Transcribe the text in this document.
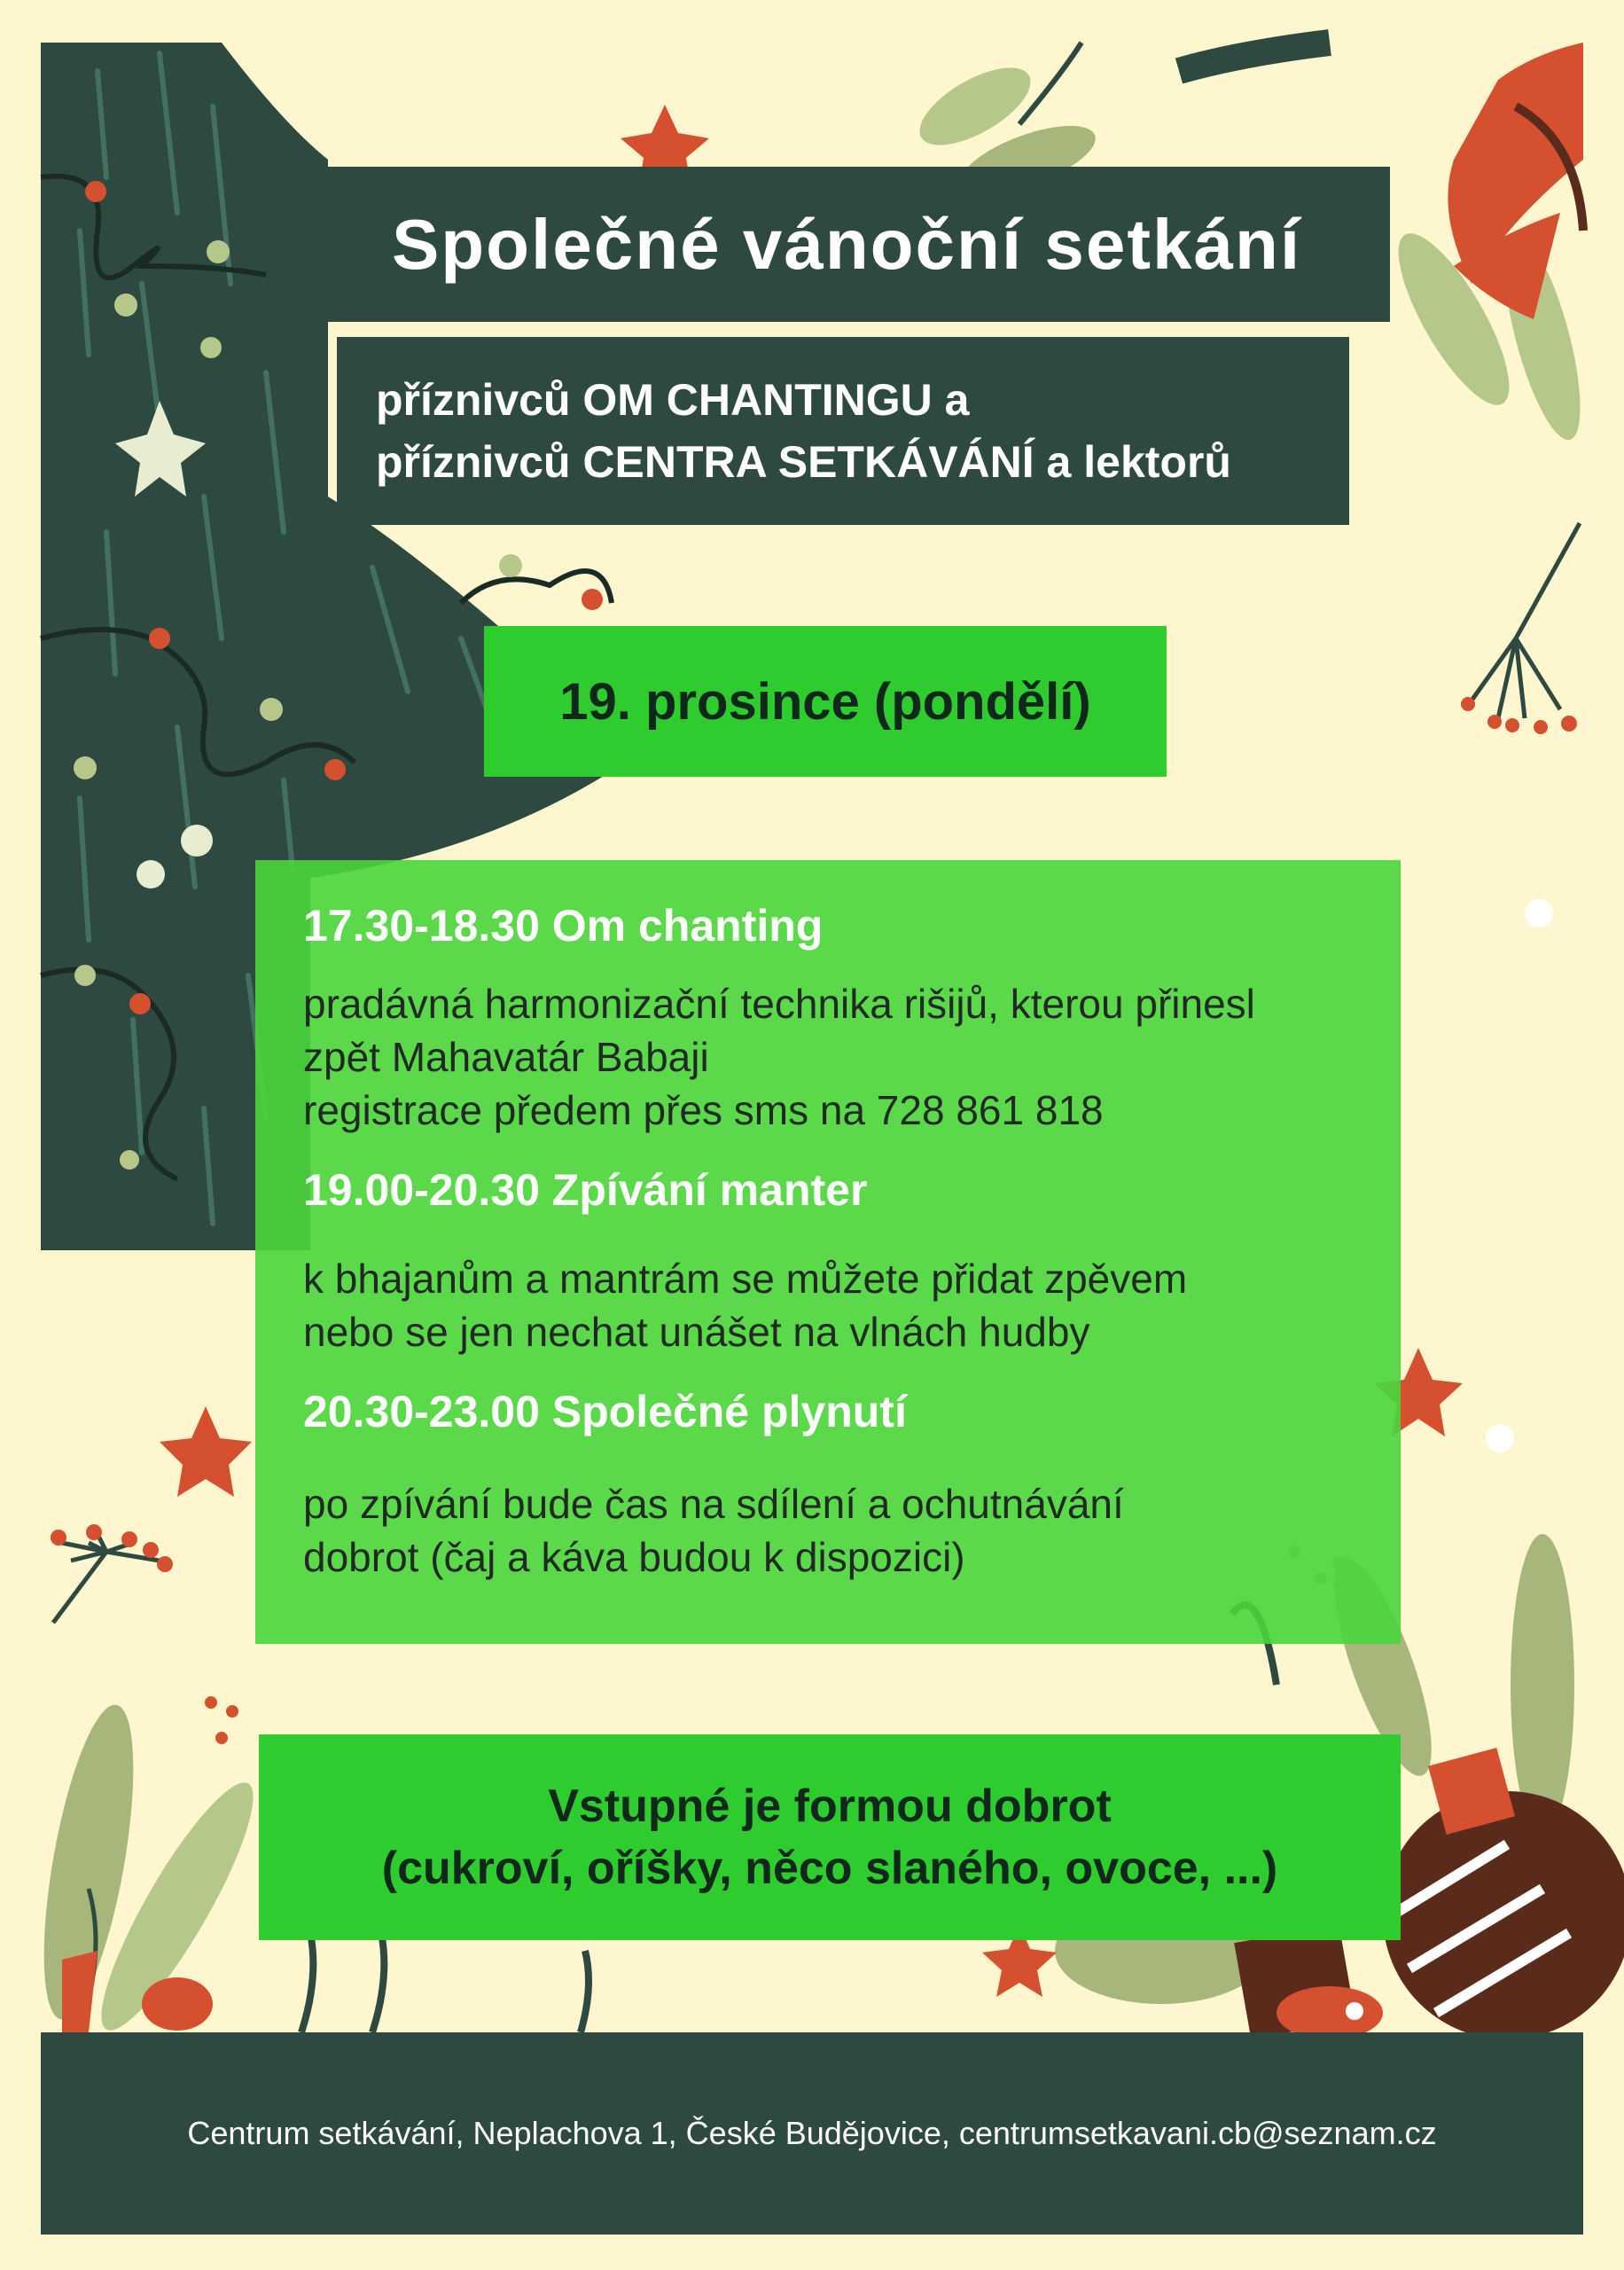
Společné vánoční setkání

příznivců OM CHANTINGU a

příznivců CENTRA SETKÁVÁNÍ a lektorů

19. prosince (pondělí)
17.30-18.30 Om chanting
pradávná harmonizační technika rišijů, kterou přinesl
zpět Mahavatár Babaji
registrace předem přes sms na 728 861 818
19.00-20.30 Zpívání manter
k bhajanům a mantrám se můžete přidat zpěvem
nebo se jen nechat unášet na vlnách hudby
20.30-23.00 Společné plynutí
po zpívání bude čas na sdílení a ochutnávání
dobrot (čaj a káva budou k dispozici)
Vstupné je formou dobrot
(cukroví, oříšky, něco slaného, ovoce, ...)
Centrum setkávání, Neplachova 1, České Budějovice, centrumsetkavani.cb@seznam.cz
